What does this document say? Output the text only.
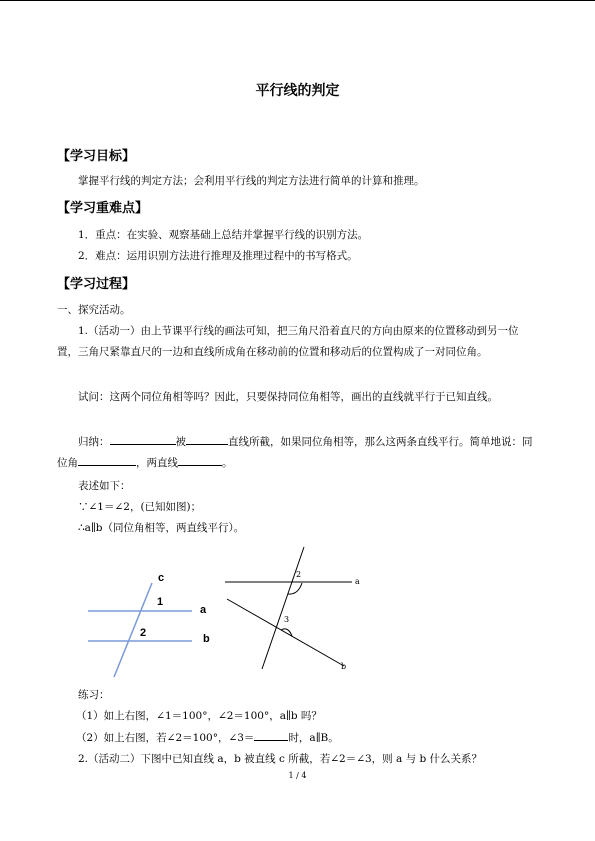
平行线的判定
【学习目标】
掌握平行线的判定方法；会利用平行线的判定方法进行简单的计算和推理。
【学习重难点】
1．重点：在实验、观察基础上总结并掌握平行线的识别方法。
2．难点：运用识别方法进行推理及推理过程中的书写格式。
【学习过程】
一、探究活动。
1.（活动一）由上节课平行线的画法可知，把三角尺沿着直尺的方向由原来的位置移动到另一位置，三角尺紧靠直尺的一边和直线所成角在移动前的位置和移动后的位置构成了一对同位角。
试问：这两个同位角相等吗？因此，只要保持同位角相等，画出的直线就平行于已知直线。
归纳：	被	直线所截，如果同位角相等，那么这两条直线平行。简单地说：同位角	，两直线	。
表述如下：
∵∠1＝∠2，(已知如图)；
∴a∥b（同位角相等，两直线平行）。
c
1
a
2	b
2
3
a
b
练习：
（1）如上右图，∠1＝100°，∠2＝100°，a∥b 吗？
（2）如上右图，若∠2＝100°，∠3＝	时，a∥B。
2.（活动二）下图中已知直线 a，b 被直线 c 所截，若∠2＝∠3，则 a 与 b 什么关系？
1 / 4
